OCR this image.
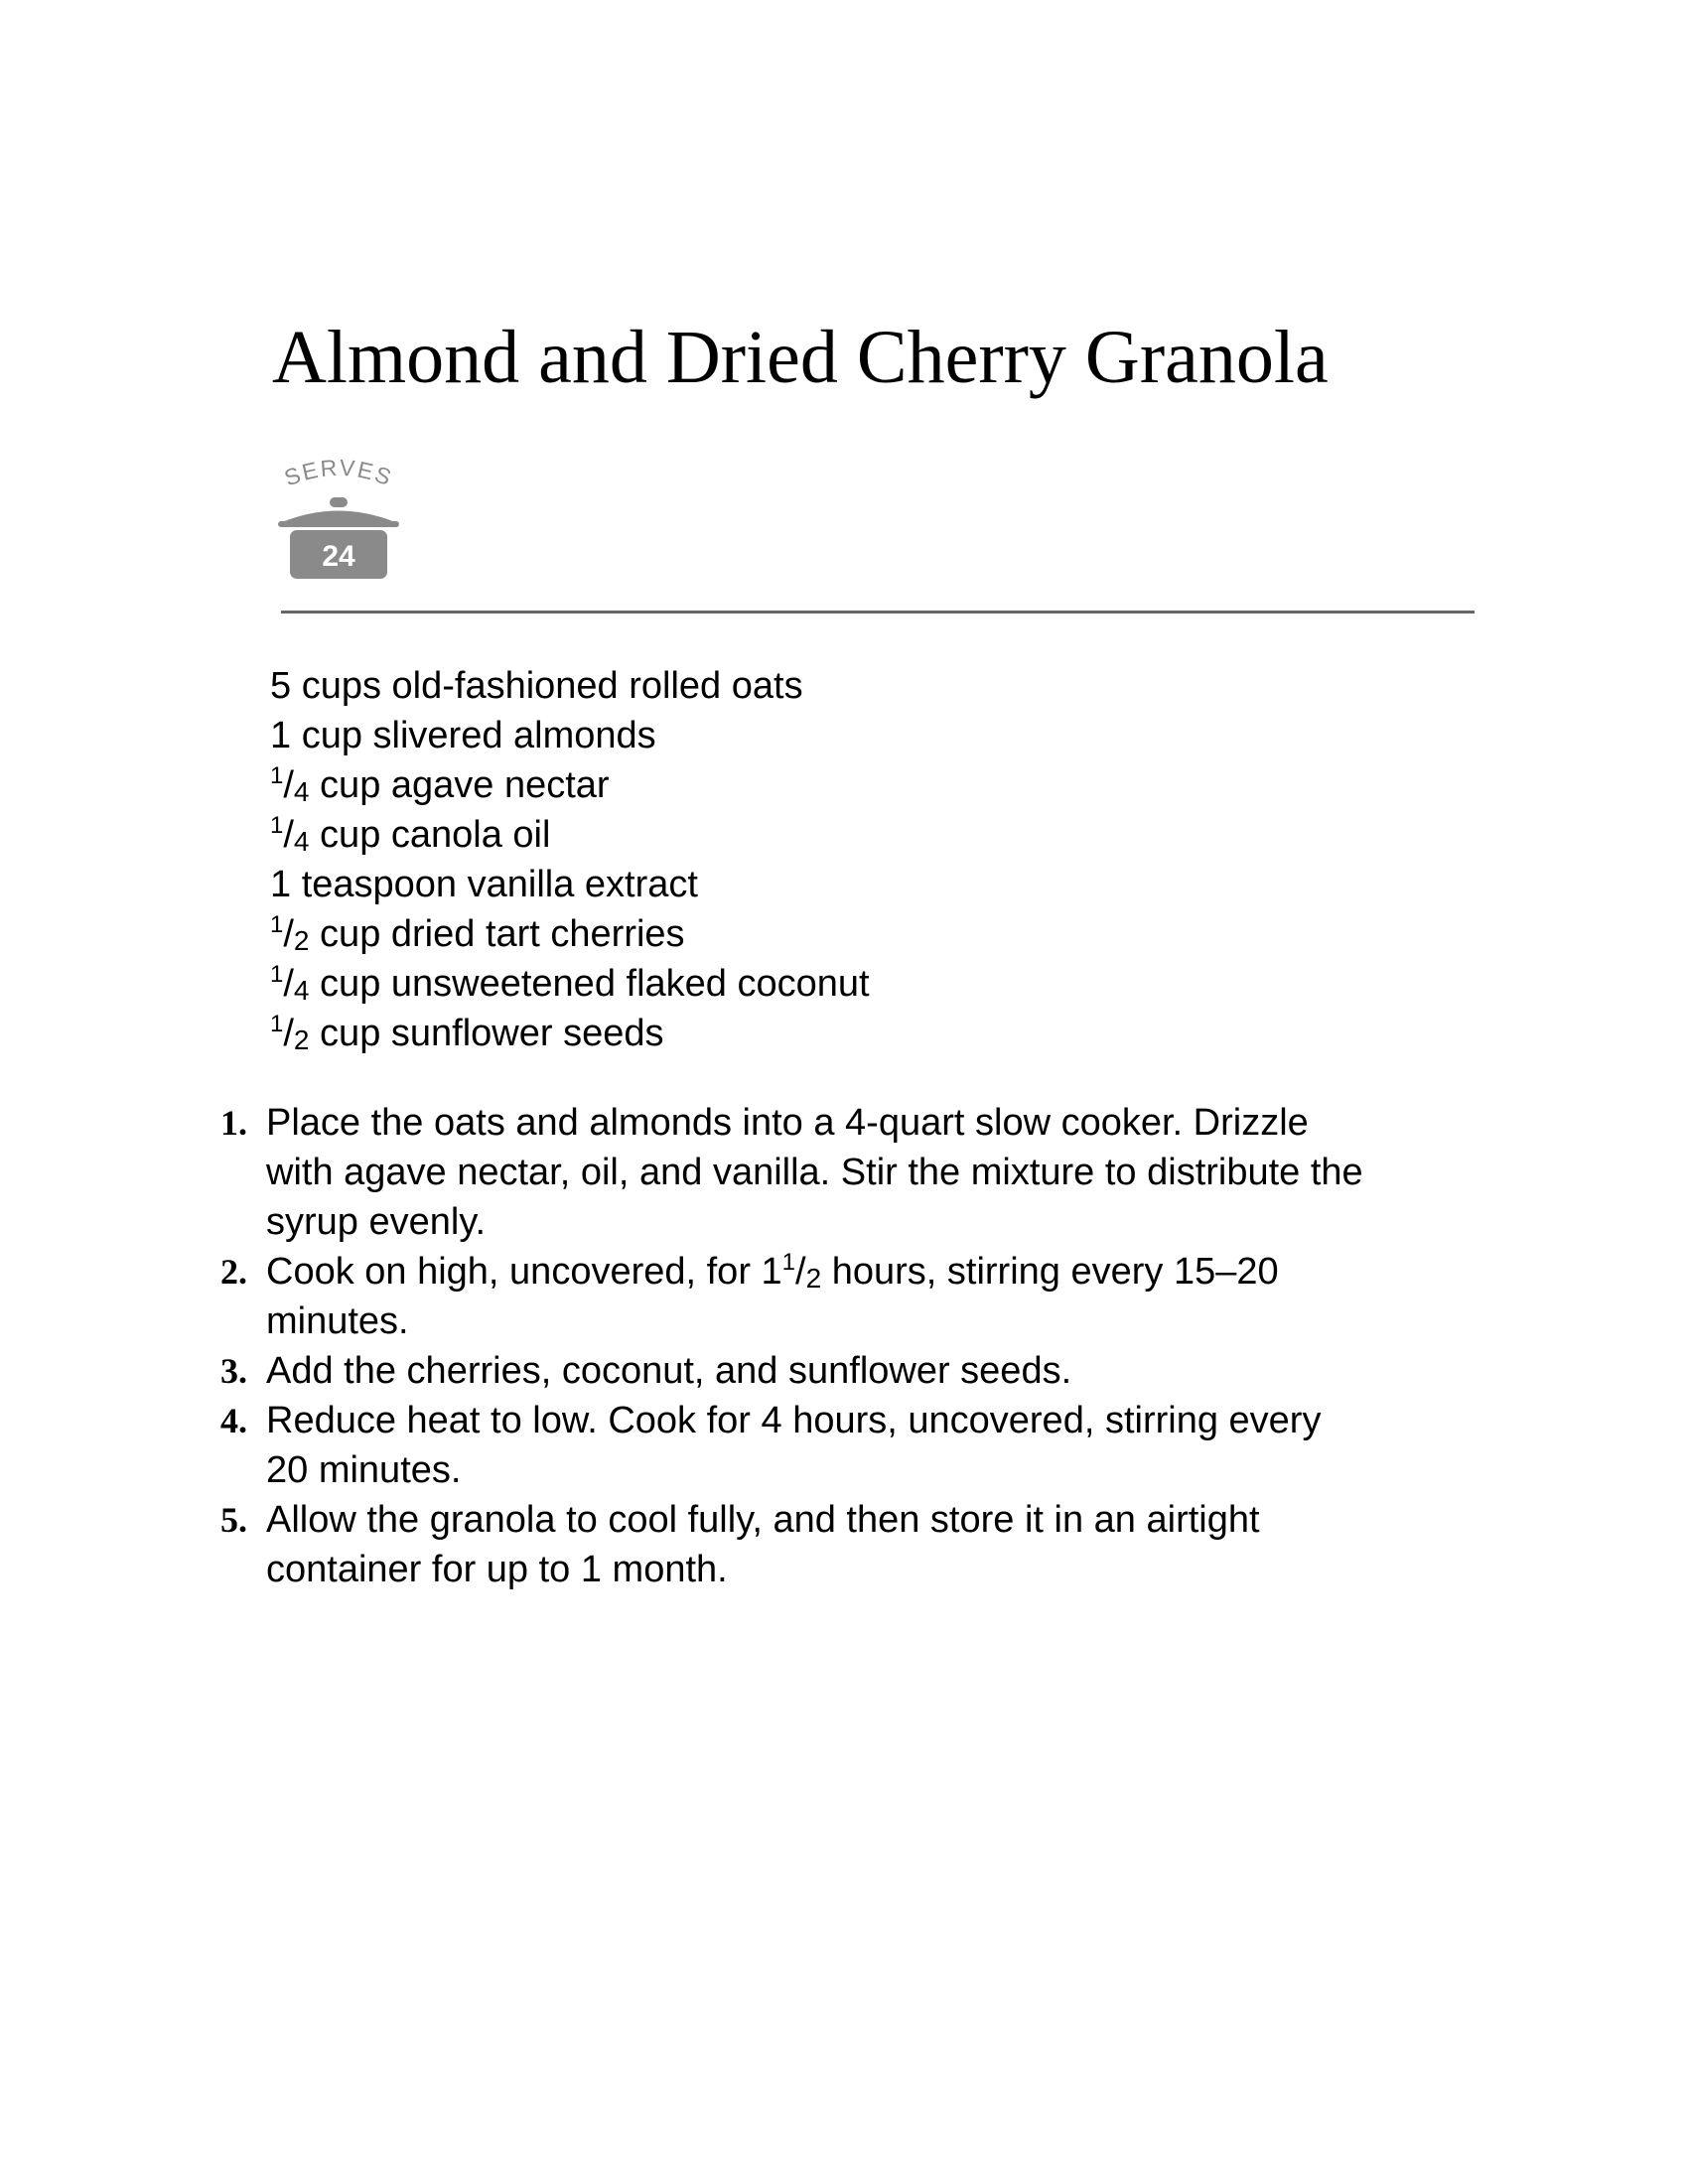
Almond and Dried Cherry Granola
SERVES
24
5 cups old-fashioned rolled oats
1 cup slivered almonds
$^1$/4 cup agave nectar
$^1$/4 cup canola oil
1 teaspoon vanilla extract
$^1$/2 cup dried tart cherries
$^1$/4 cup unsweetened flaked coconut
$^1$/2 cup sunflower seeds
1. Place the oats and almonds into a 4-quart slow cooker. Drizzle
with agave nectar, oil, and vanilla. Stir the mixture to distribute the
syrup evenly.
2. Cook on high, uncovered, for $1^1/2$ hours, stirring every 15–20
minutes.
3. Add the cherries, coconut, and sunflower seeds.
4. Reduce heat to low. Cook for 4 hours, uncovered, stirring every
20 minutes.
5. Allow the granola to cool fully, and then store it in an airtight
container for up to 1 month.
